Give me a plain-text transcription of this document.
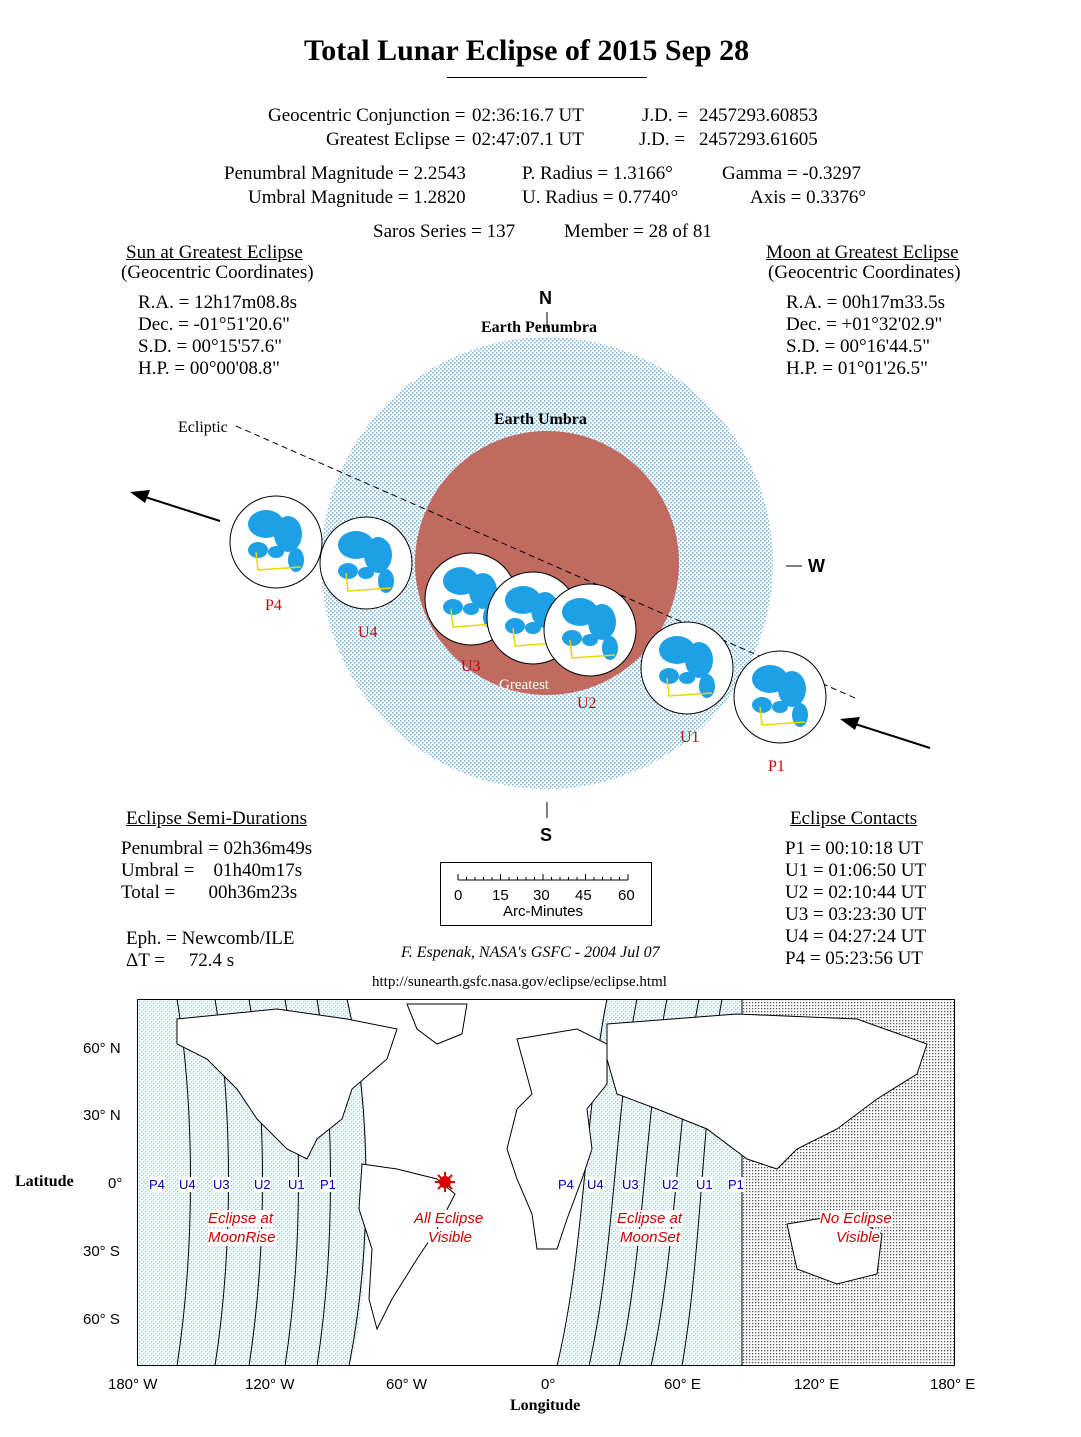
Total Lunar Eclipse of 2015 Sep 28
Geocentric Conjunction = 02:36:16.7 UT	J.D. = 2457293.60853
Greatest Eclipse = 02:47:07.1 UT	J.D. = 2457293.61605
Penumbral Magnitude = 2.2543	P. Radius = 1.3166°	Gamma = -0.3297
Umbral Magnitude = 1.2820	U. Radius = 0.7740°	Axis = 0.3376°
Saros Series = 137	Member = 28 of 81
Sun at Greatest Eclipse
(Geocentric Coordinates)
R.A. = 12h17m08.8s
Dec. = -01°51'20.6"
S.D. = 00°15'57.6"
H.P. = 00°00'08.8"
Moon at Greatest Eclipse
(Geocentric Coordinates)
R.A. = 00h17m33.5s
Dec. = +01°32'02.9"
S.D. = 00°16'44.5"
H.P. = 01°01'26.5"
N
S
W
Earth Penumbra
Earth Umbra
Ecliptic
Greatest
P4
U4
U3
U2
U1
P1
Eclipse Semi-Durations
Penumbral = 02h36m49s
Umbral =    01h40m17s
Total =       00h36m23s
Eph. = Newcomb/ILE
ΔT =     72.4 s
0 15 30 45 60
Arc-Minutes
F. Espenak, NASA's GSFC - 2004 Jul 07
http://sunearth.gsfc.nasa.gov/eclipse/eclipse.html
Eclipse Contacts
P1 = 00:10:18 UT
U1 = 01:06:50 UT
U2 = 02:10:44 UT
U3 = 03:23:30 UT
U4 = 04:27:24 UT
P4 = 05:23:56 UT
Eclipse at
MoonRise
All Eclipse
Visible
Eclipse at
MoonSet
No Eclipse
Visible
P4 U4 U3 U2 U1 P1	P4 U4 U3 U2 U1 P1
Latitude
60° N
30° N
0°
30° S
60° S
180° W	120° W	60° W	0°	60° E	120° E	180° E
Longitude
